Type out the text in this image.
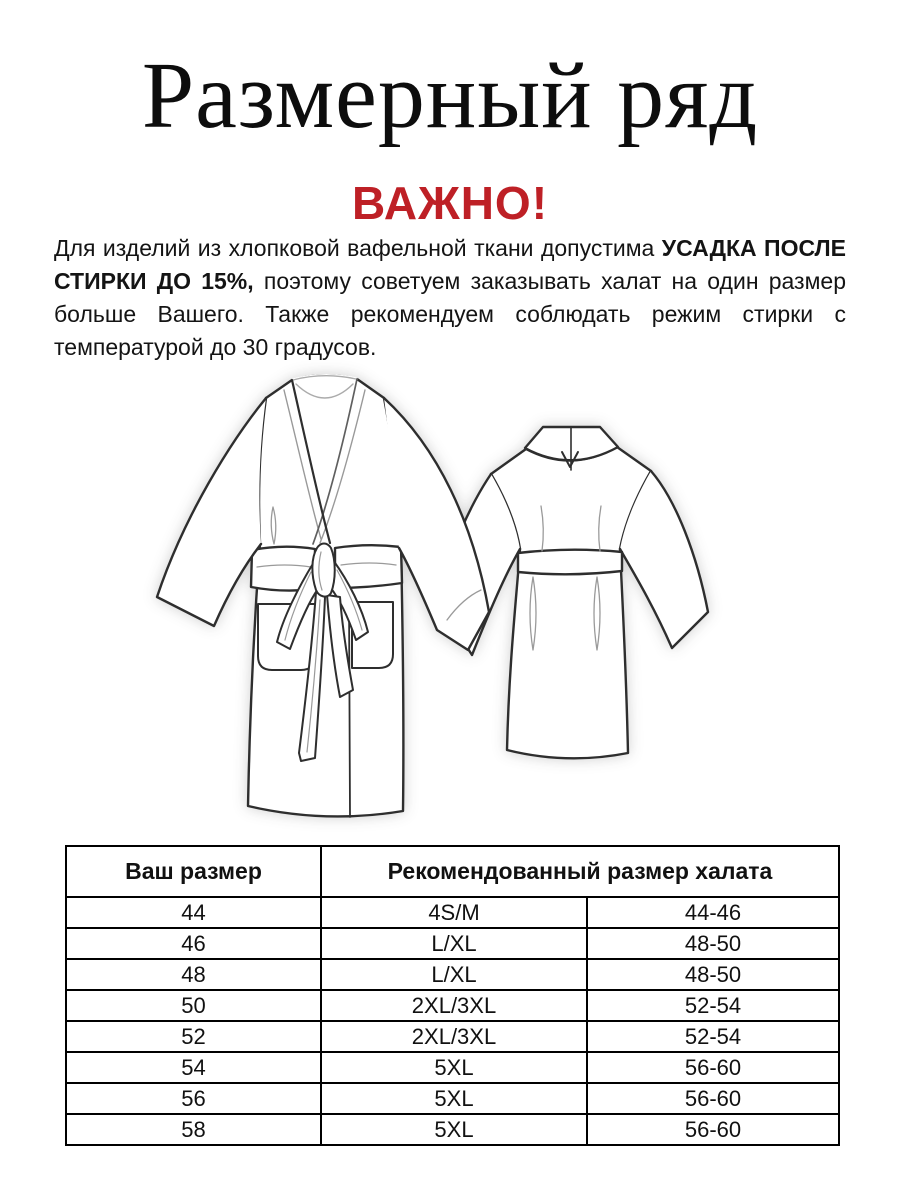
Размерный ряд
ВАЖНО!

Для изделий из хлопковой вафельной ткани допустима УСАДКА ПОСЛЕ СТИРКИ ДО 15%, поэтому советуем заказывать халат на один размер больше Вашего. Также рекомендуем соблюдать режим стирки с температурой до 30 градусов.

Ваш размер	Рекомендованный размер халата	
44	4S/M	44-46
46	L/XL	48-50
48	L/XL	48-50
50	2XL/3XL	52-54
52	2XL/3XL	52-54
54	5XL	56-60
56	5XL	56-60
58	5XL	56-60
